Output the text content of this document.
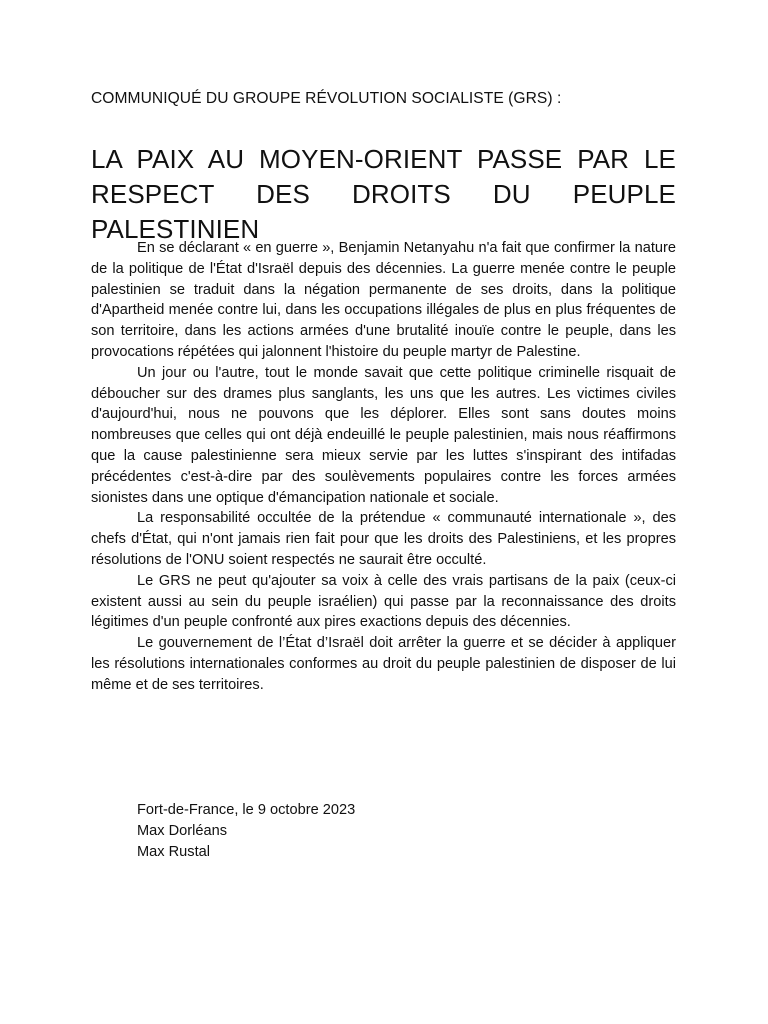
COMMUNIQUÉ DU GROUPE RÉVOLUTION SOCIALISTE (GRS) :
LA PAIX AU MOYEN-ORIENT PASSE PAR LE RESPECT DES DROITS DU PEUPLE PALESTINIEN

En se déclarant « en guerre », Benjamin Netanyahu n'a fait que confirmer la nature de la politique de l'État d'Israël depuis des décennies. La guerre menée contre le peuple palestinien se traduit dans la négation permanente de ses droits, dans la politique d'Apartheid menée contre lui, dans les occupations illégales de plus en plus fréquentes de son territoire, dans les actions armées d'une brutalité inouïe contre le peuple, dans les provocations répétées qui jalonnent l'histoire du peuple martyr de Palestine.

Un jour ou l'autre, tout le monde savait que cette politique criminelle risquait de déboucher sur des drames plus sanglants, les uns que les autres. Les victimes civiles d'aujourd'hui, nous ne pouvons que les déplorer. Elles sont sans doutes moins nombreuses que celles qui ont déjà endeuillé le peuple palestinien, mais nous réaffirmons que la cause palestinienne sera mieux servie par les luttes s'inspirant des intifadas précédentes c'est-à-dire par des soulèvements populaires contre les forces armées sionistes dans une optique d'émancipation nationale et sociale.

La responsabilité occultée de la prétendue « communauté internationale », des chefs d'État, qui n'ont jamais rien fait pour que les droits des Palestiniens, et les propres résolutions de l'ONU soient respectés ne saurait être occulté.

Le GRS ne peut qu'ajouter sa voix à celle des vrais partisans de la paix (ceux-ci existent aussi au sein du peuple israélien) qui passe par la reconnaissance des droits légitimes d'un peuple confronté aux pires exactions depuis des décennies.

Le gouvernement de l’État d’Israël doit arrêter la guerre et se décider à appliquer les résolutions internationales conformes au droit du peuple palestinien de disposer de lui même et de ses territoires.

Fort-de-France, le 9 octobre 2023
Max Dorléans
Max Rustal
